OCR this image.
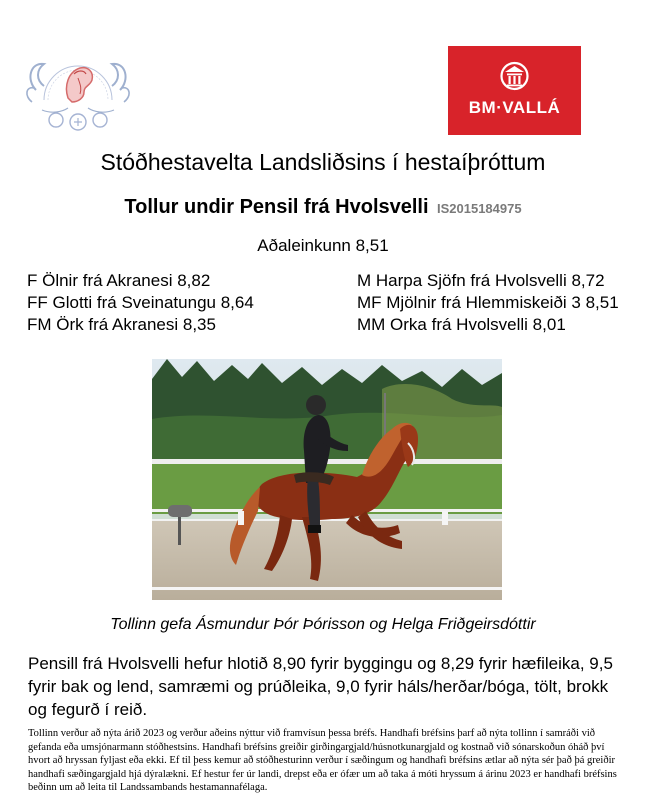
BM·VALLÁ
Stóðhestavelta Landsliðsins í hestaíþróttum
Tollur undir Pensil frá Hvolsvelli IS2015184975
Aðaleinkunn 8,51
F Ölnir frá Akranesi 8,82
FF Glotti frá Sveinatungu 8,64
FM Örk frá Akranesi 8,35
M Harpa Sjöfn frá Hvolsvelli 8,72
MF Mjölnir frá Hlemmiskeiði 3 8,51
MM Orka frá Hvolsvelli 8,01
Tollinn gefa Ásmundur Þór Þórisson og Helga Friðgeirsdóttir
Pensill frá Hvolsvelli hefur hlotið 8,90 fyrir byggingu og 8,29 fyrir hæfileika, 9,5 fyrir bak og lend, samræmi og prúðleika, 9,0 fyrir háls/herðar/bóga, tölt, brokk og fegurð í reið.
Tollinn verður að nýta árið 2023 og verður aðeins nýttur við framvísun þessa bréfs. Handhafi bréfsins þarf að nýta tollinn í samráði við gefanda eða umsjónarmann stóðhestsins. Handhafi bréfsins greiðir girðingargjald/húsnotkunargjald og kostnað við sónarskoðun óháð því hvort að hryssan fyljast eða ekki. Ef til þess kemur að stóðhesturinn verður í sæðingum og handhafi bréfsins ætlar að nýta sér það þá greiðir handhafi sæðingargjald hjá dýralækni. Ef hestur fer úr landi, drepst eða er ófær um að taka á móti hryssum á árinu 2023 er handhafi bréfsins beðinn um að leita til Landssambands hestamannafélaga.
